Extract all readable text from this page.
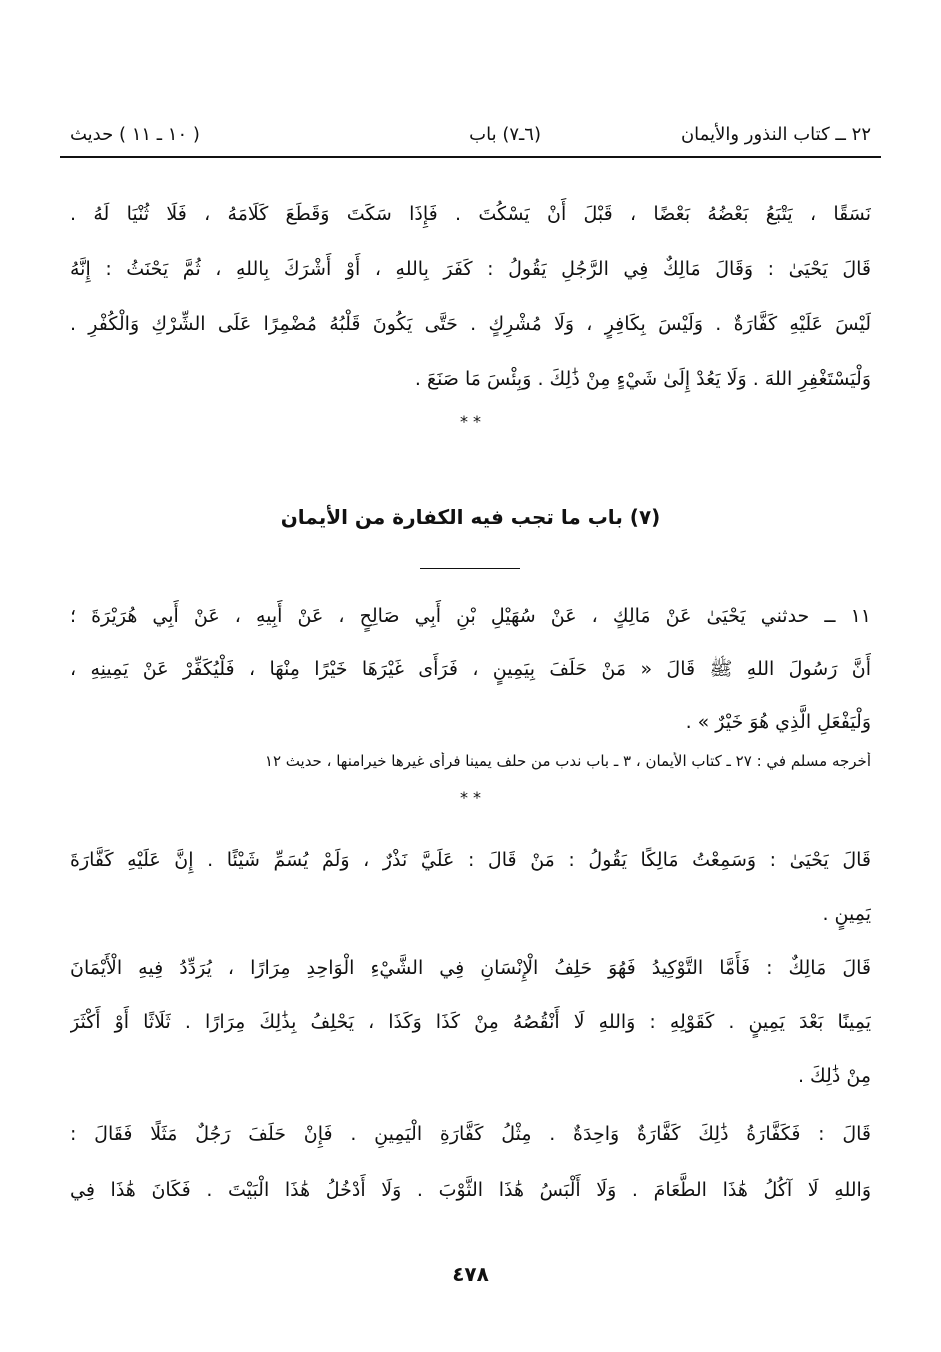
٢٢ ــ كتاب النذور والأيمان
(٦ـ٧) باب
( ١٠ ـ ١١ ) حديث
نَسَقًا ، يَتْبَعُ بَعْضُهُ بَعْضًا ، قَبْلَ أَنْ يَسْكُتَ . فَإِذَا سَكَتَ وَقَطَعَ كَلَامَهُ ، فَلَا ثُنْيَا لَهُ .
قَالَ يَحْيَىٰ : وَقَالَ مَالِكٌ فِي الرَّجُلِ يَقُولُ : كَفَرَ بِاللهِ ، أَوْ أَشْرَكَ بِاللهِ ، ثُمَّ يَحْنَثُ : إِنَّهُ
لَيْسَ عَلَيْهِ كَفَّارَةٌ . وَلَيْسَ بِكَافِرٍ ، وَلَا مُشْرِكٍ . حَتَّى يَكُونَ قَلْبُهُ مُضْمِرًا عَلَى الشِّرْكِ وَالْكُفْرِ .
وَلْيَسْتَغْفِرِ اللهَ . وَلَا يَعُدْ إِلَىٰ شَيْءٍ مِنْ ذَٰلِكَ . وَبِئْسَ مَا صَنَعَ .
* *
(٧) باب ما تجب فيه الكفارة من الأيمان
١١ ــ حدثني يَحْيَىٰ عَنْ مَالِكٍ ، عَنْ سُهَيْلِ بْنِ أَبِي صَالِحٍ ، عَنْ أَبِيهِ ، عَنْ أَبِي هُرَيْرَةَ ؛
أَنَّ رَسُولَ اللهِ ﷺ قَالَ « مَنْ حَلَفَ بِيَمِينٍ ، فَرَأَى غَيْرَهَا خَيْرًا مِنْهَا ، فَلْيُكَفِّرْ عَنْ يَمِينِهِ ،
وَلْيَفْعَلِ الَّذِي هُوَ خَيْرٌ » .
أخرجه مسلم في : ٢٧ ـ كتاب الأيمان ، ٣ ـ باب ندب من حلف يمينا فرأى غيرها خيرامنها ، حديث ١٢
* *
قَالَ يَحْيَىٰ : وَسَمِعْتُ مَالِكًا يَقُولُ : مَنْ قَالَ : عَلَيَّ نَذْرٌ ، وَلَمْ يُسَمِّ شَيْئًا . إِنَّ عَلَيْهِ كَفَّارَةَ
يَمِينٍ .
قَالَ مَالِكٌ : فَأَمَّا التَّوْكِيدُ فَهُوَ حَلِفُ الْإِنْسَانِ فِي الشَّيْءِ الْوَاحِدِ مِرَارًا ، يُرَدِّدُ فِيهِ الْأَيْمَانَ
يَمِينًا بَعْدَ يَمِينٍ . كَقَوْلِهِ : وَاللهِ لَا أَنْقُصُهُ مِنْ كَذَا وَكَذَا ، يَحْلِفُ بِذَٰلِكَ مِرَارًا . ثَلَاثًا أَوْ أَكْثَرَ
مِنْ ذَٰلِكَ .
قَالَ : فَكَفَّارَةُ ذَٰلِكَ كَفَّارَةٌ وَاحِدَةٌ . مِثْلُ كَفَّارَةِ الْيَمِينِ . فَإِنْ حَلَفَ رَجُلٌ مَثَلًا فَقَالَ :
وَاللهِ لَا آكُلُ هَٰذَا الطَّعَامَ . وَلَا أَلْبَسُ هَٰذَا الثَّوْبَ . وَلَا أَدْخُلُ هَٰذَا الْبَيْتَ . فَكَانَ هَٰذَا فِي
٤٧٨
